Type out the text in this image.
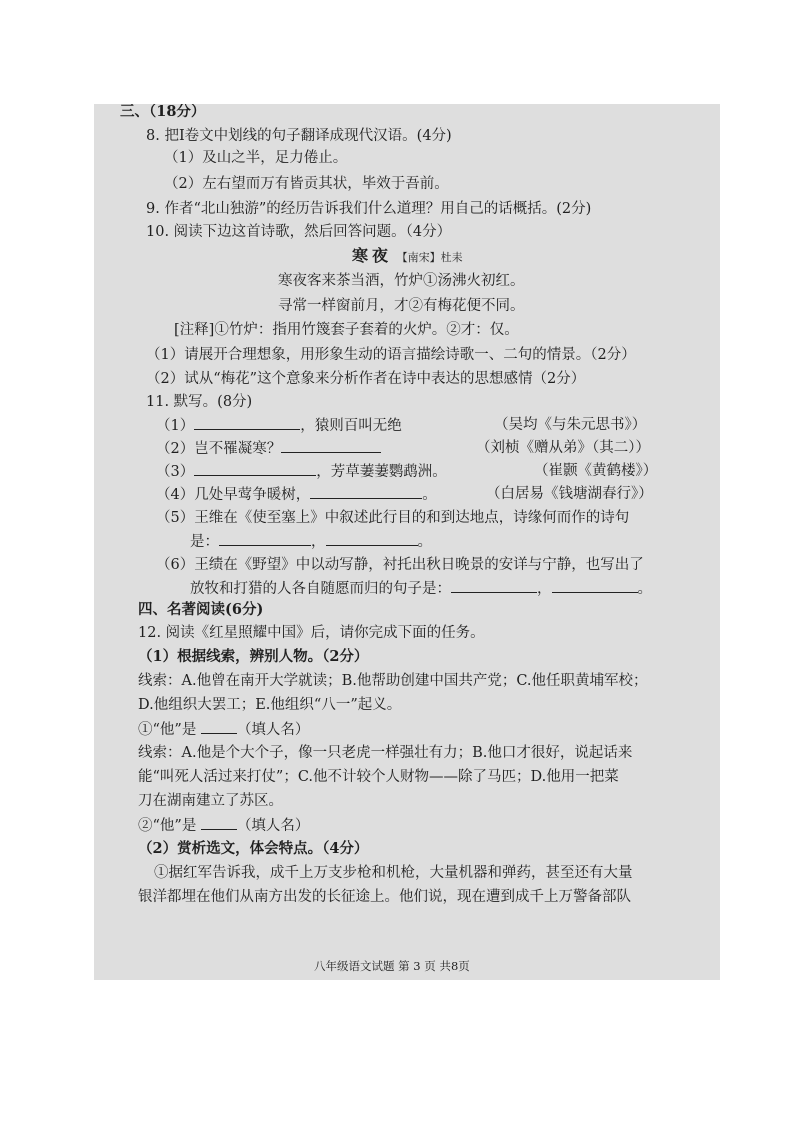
三、（18分）
8. 把Ⅰ卷文中划线的句子翻译成现代汉语。(4分)
（1）及山之半，足力倦止。
（2）左右望而万有皆贡其状，毕效于吾前。
9. 作者“北山独游”的经历告诉我们什么道理？用自己的话概括。(2分)
10. 阅读下边这首诗歌，然后回答问题。（4分）
寒夜 【南宋】杜耒
寒夜客来茶当酒，竹炉①汤沸火初红。
寻常一样窗前月，才②有梅花便不同。
[注释]①竹炉：指用竹篾套子套着的火炉。②才：仅。
（1）请展开合理想象，用形象生动的语言描绘诗歌一、二句的情景。（2分）
（2）试从“梅花”这个意象来分析作者在诗中表达的思想感情（2分）
11. 默写。(8分)
（1）	，猿则百叫无绝	（吴均《与朱元思书》）
（2）岂不罹凝寒？	（刘桢《赠从弟》（其二））
（3）	，芳草萋萋鹦鹉洲。	（崔颢《黄鹤楼》）
（4）几处早莺争暖树，	。	（白居易《钱塘湖春行》）
（5）王维在《使至塞上》中叙述此行目的和到达地点，诗缘何而作的诗句
是：	，	。
（6）王绩在《野望》中以动写静，衬托出秋日晚景的安详与宁静，也写出了
放牧和打猎的人各自随愿而归的句子是：	，	。
四、名著阅读(6分)
12. 阅读《红星照耀中国》后，请你完成下面的任务。
（1）根据线索，辨别人物。（2分）
线索：A.他曾在南开大学就读；B.他帮助创建中国共产党；C.他任职黄埔军校；
D.他组织大罢工；E.他组织“八一”起义。
①“他”是	（填人名）
线索：A.他是个大个子，像一只老虎一样强壮有力；B.他口才很好，说起话来
能“叫死人活过来打仗”；C.他不计较个人财物——除了马匹；D.他用一把菜
刀在湖南建立了苏区。
②“他”是	（填人名）
（2）赏析选文，体会特点。（4分）
①据红军告诉我，成千上万支步枪和机枪，大量机器和弹药，甚至还有大量
银洋都埋在他们从南方出发的长征途上。他们说，现在遭到成千上万警备部队
八年级语文试题 第 3 页 共8页
